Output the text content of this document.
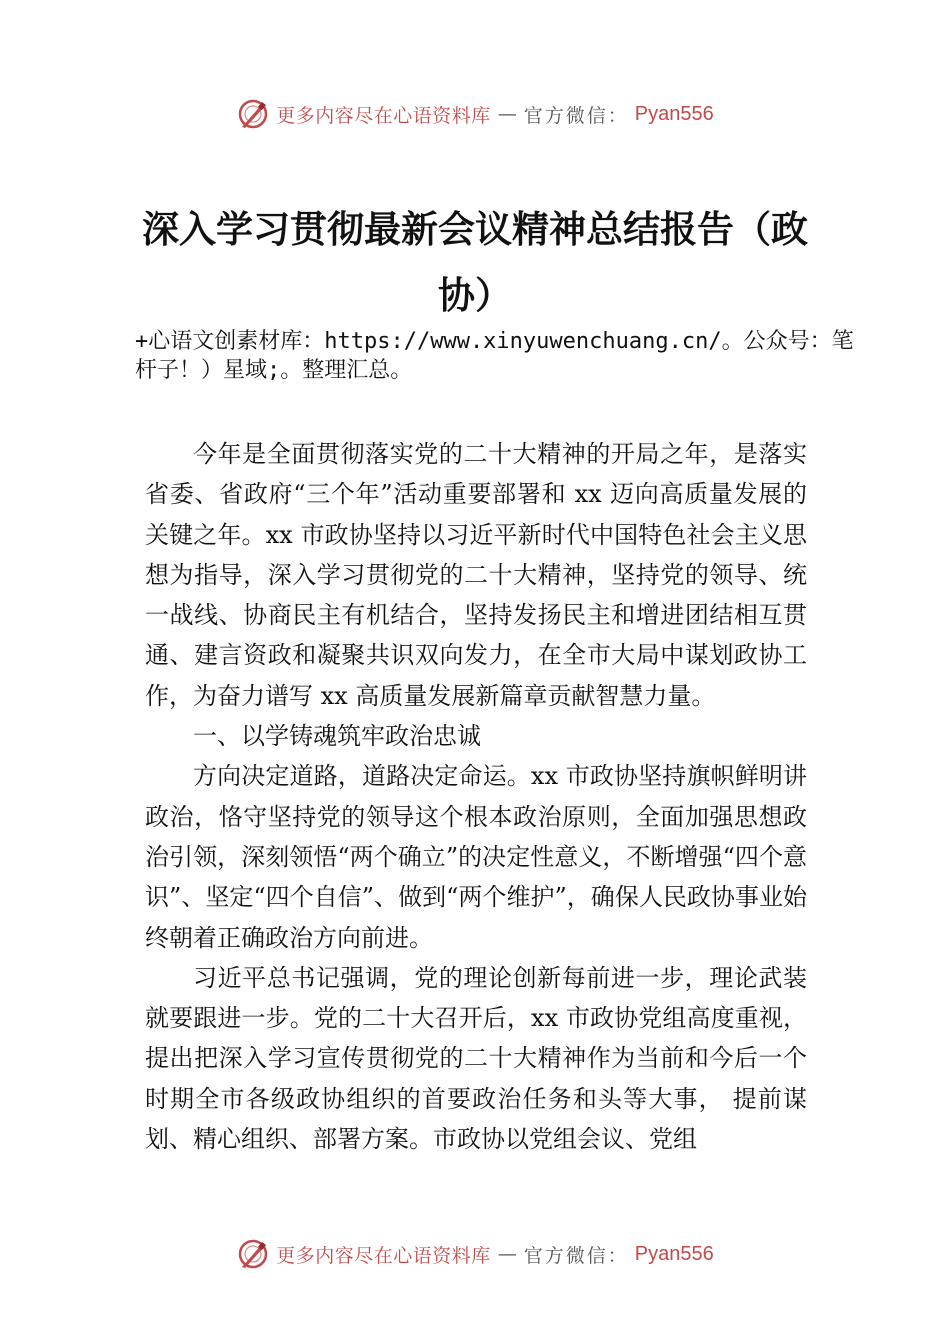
更多内容尽在心语资料库 — 官方微信： Pyan556
深入学习贯彻最新会议精神总结报告（政协）

+心语文创素材库：https://www.xinyuwenchuang.cn/。公众号：笔杆子！）星域;。整理汇总。

今年是全面贯彻落实党的二十大精神的开局之年，是落实省委、省政府“三个年”活动重要部署和 xx 迈向高质量发展的关键之年。xx 市政协坚持以习近平新时代中国特色社会主义思想为指导，深入学习贯彻党的二十大精神，坚持党的领导、统一战线、协商民主有机结合，坚持发扬民主和增进团结相互贯通、建言资政和凝聚共识双向发力，在全市大局中谋划政协工作，为奋力谱写 xx 高质量发展新篇章贡献智慧力量。

一、以学铸魂筑牢政治忠诚

方向决定道路，道路决定命运。xx 市政协坚持旗帜鲜明讲政治，恪守坚持党的领导这个根本政治原则，全面加强思想政治引领，深刻领悟“两个确立”的决定性意义，不断增强“四个意识”、坚定“四个自信”、做到“两个维护”，确保人民政协事业始终朝着正确政治方向前进。

习近平总书记强调，党的理论创新每前进一步，理论武装就要跟进一步。党的二十大召开后，xx 市政协党组高度重视，提出把深入学习宣传贯彻党的二十大精神作为当前和今后一个时期全市各级政协组织的首要政治任务和头等大事， 提前谋划、精心组织、部署方案。市政协以党组会议、党组

更多内容尽在心语资料库 — 官方微信： Pyan556
